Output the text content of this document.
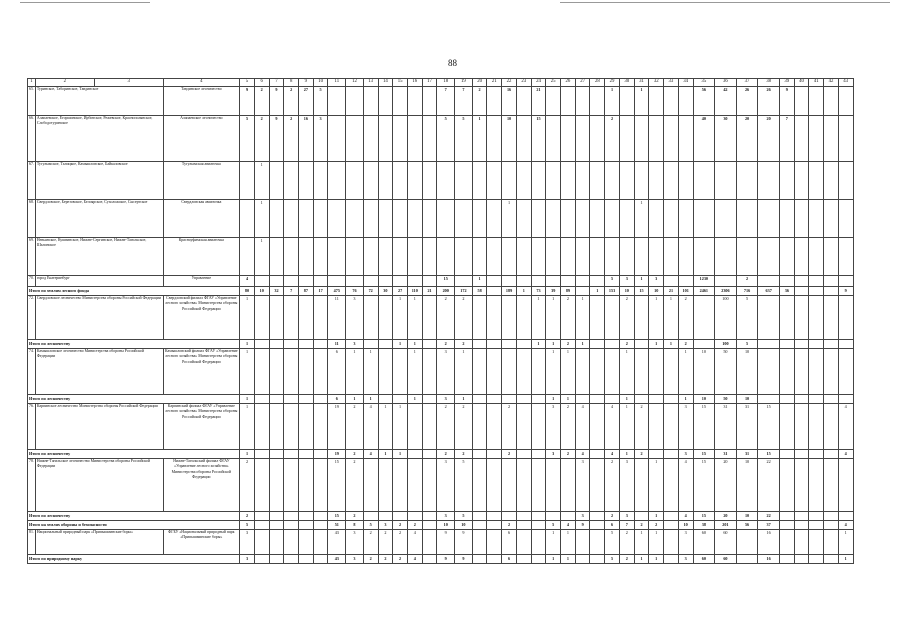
88
1	2	3	4	5	6	7	8	9	10	11	12	13	14	15	16	17	18	19	20	21	22	23	24	25	26	27	28	29	30	31	32	33	34	35	36	37	38	39	40	41	42	43
65.	Туринское, Таборинское, Тавдинское		Тавдинское лесничество	9	2	9	2	27	5								7	7	2		16		21					1		1				56	42	26	26	9				
66.	Алапаевское, Егоршинское, Ирбитское, Режевское, Краснополянское, Слободотуринское		Алапаевское лесничество	5	2	9	2	16	3								5	5	1		10		15					2						40	30	20	20	7				
67.	Тугулымское, Талицкое, Камышловское, Байкаловское		Тугулымская авиаточка		1																																					
68.	Свердловское, Березовское, Белоярское, Сухоложское, Сысертское		Свердловская авиаточка		1																1									1												
69.	Невьянское, Кушвинское, Нижне-Сергинское, Нижне-Тагильское, Шалинское		Красноуфимская авиаточка		1																																					
70.	город Екатеринбург		Управление	4													15		1									5	3	1	3			1230		2						
Итого по землям лесного фонда				80	10	32	7	87	17	475	76	72	30	27	110	21	200	172	58		189	1	73	39	89		1	153	10	15	10	21	101	2461	2306	716	637	36				9
72.	Свердловское лесничество Министерства обороны Российской Федерации		Свердловский филиал ФГАУ «Управление лесного хозяйства» Министерства обороны Российской Федерации	1						11	3			1	1		2	2					1	1	2	1			2		1	1	2		100	5						
Итого по лесничеству				1						11	3			1	1		2	2					1	1	2	1			2		1	1	2		100	5						
74.	Камышловское лесничество Министерства обороны Российской Федерации		Камышловский филиал ФГАУ «Управление лесного хозяйства» Министерства обороны Российской Федерации	1						6	1	1			1		3	1						1	1				1				1	10	50	10						
Итого по лесничеству				1						6	1	1			1		3	1						1	1				1				1	10	50	10						
76.	Карпинское лесничество Министерства обороны Российской Федерации		Карпинский филиал ФГАУ «Управление лесного хозяйства» Министерства обороны Российской Федерации	1						19	2	4	1	1			2	2			2			3	2	4		4	1	2			3	15	31	31	15					4
Итого по лесничеству				1						19	2	4	1	1			2	2			2			3	2	4		4	1	2			3	15	31	31	15					4
78.	Нижне-Тагильское лесничество Министерства обороны Российской Федерации		Нижне-Тагильский филиал ФГАУ «Управление лесного хозяйства» Министерства обороны Российской Федерации	2						15	2						3	5								3		2	3		1		4	15	20	10	22					
Итого по лесничеству				2						15	2						3	5								3		2	3		1		4	15	20	10	22					
Итого на землях обороны и безопасности				5						51	8	5	3	2	2		10	10			2			5	4	9		6	7	2	2		10	38	201	56	37					4
81.	Национальный природный парк «Припышминские боры»		ФГБУ «Национальный природный парк «Припышминские боры»	3						43	3	2	2	2	4		9	9			6			1	1			5	2	1	1		3	60	60		16					1
Итого по природному парку				3						43	3	2	2	2	4		9	9			6			1	1			5	2	1	1		3	60	60		16					1
